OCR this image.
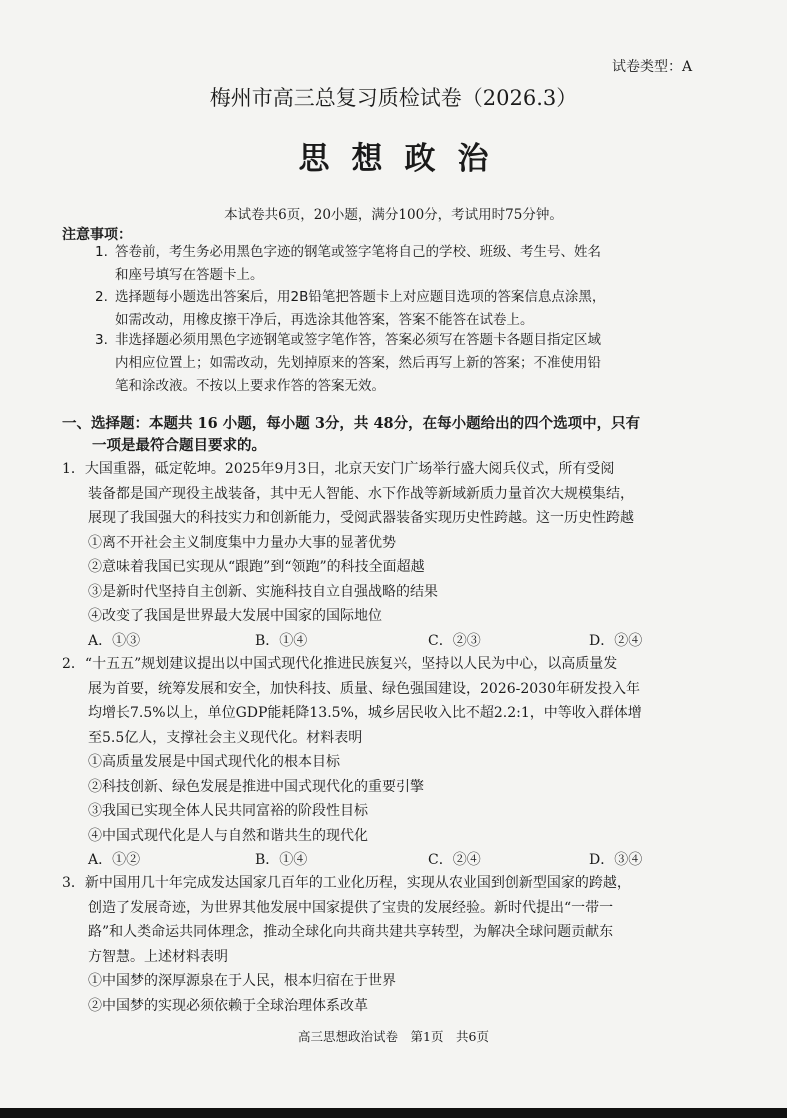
试卷类型：A
梅州市高三总复习质检试卷（2026.3）
思想政治
本试卷共6页，20小题，满分100分，考试用时75分钟。
注意事项：
1. 答卷前，考生务必用黑色字迹的钢笔或签字笔将自己的学校、班级、考生号、姓名
和座号填写在答题卡上。
2. 选择题每小题选出答案后，用2B铅笔把答题卡上对应题目选项的答案信息点涂黑，
如需改动，用橡皮擦干净后，再选涂其他答案，答案不能答在试卷上。
3. 非选择题必须用黑色字迹钢笔或签字笔作答，答案必须写在答题卡各题目指定区域
内相应位置上；如需改动，先划掉原来的答案，然后再写上新的答案；不准使用铅
笔和涂改液。不按以上要求作答的答案无效。
一、选择题：本题共 16 小题，每小题 3分，共 48分，在每小题给出的四个选项中，只有
一项是最符合题目要求的。
1．大国重器，砥定乾坤。2025年9月3日，北京天安门广场举行盛大阅兵仪式，所有受阅
装备都是国产现役主战装备，其中无人智能、水下作战等新域新质力量首次大规模集结，
展现了我国强大的科技实力和创新能力，受阅武器装备实现历史性跨越。这一历史性跨越
①离不开社会主义制度集中力量办大事的显著优势
②意味着我国已实现从“跟跑”到“领跑”的科技全面超越
③是新时代坚持自主创新、实施科技自立自强战略的结果
④改变了我国是世界最大发展中国家的国际地位
A．①③	B．①④	C．②③	D．②④
2．“十五五”规划建议提出以中国式现代化推进民族复兴，坚持以人民为中心，以高质量发
展为首要，统筹发展和安全，加快科技、质量、绿色强国建设，2026-2030年研发投入年
均增长7.5%以上，单位GDP能耗降13.5%，城乡居民收入比不超2.2:1，中等收入群体增
至5.5亿人，支撑社会主义现代化。材料表明
①高质量发展是中国式现代化的根本目标
②科技创新、绿色发展是推进中国式现代化的重要引擎
③我国已实现全体人民共同富裕的阶段性目标
④中国式现代化是人与自然和谐共生的现代化
A．①②	B．①④	C．②④	D．③④
3．新中国用几十年完成发达国家几百年的工业化历程，实现从农业国到创新型国家的跨越，
创造了发展奇迹，为世界其他发展中国家提供了宝贵的发展经验。新时代提出“一带一
路”和人类命运共同体理念，推动全球化向共商共建共享转型，为解决全球问题贡献东
方智慧。上述材料表明
①中国梦的深厚源泉在于人民，根本归宿在于世界
②中国梦的实现必须依赖于全球治理体系改革
高三思想政治试卷　第1页　共6页
